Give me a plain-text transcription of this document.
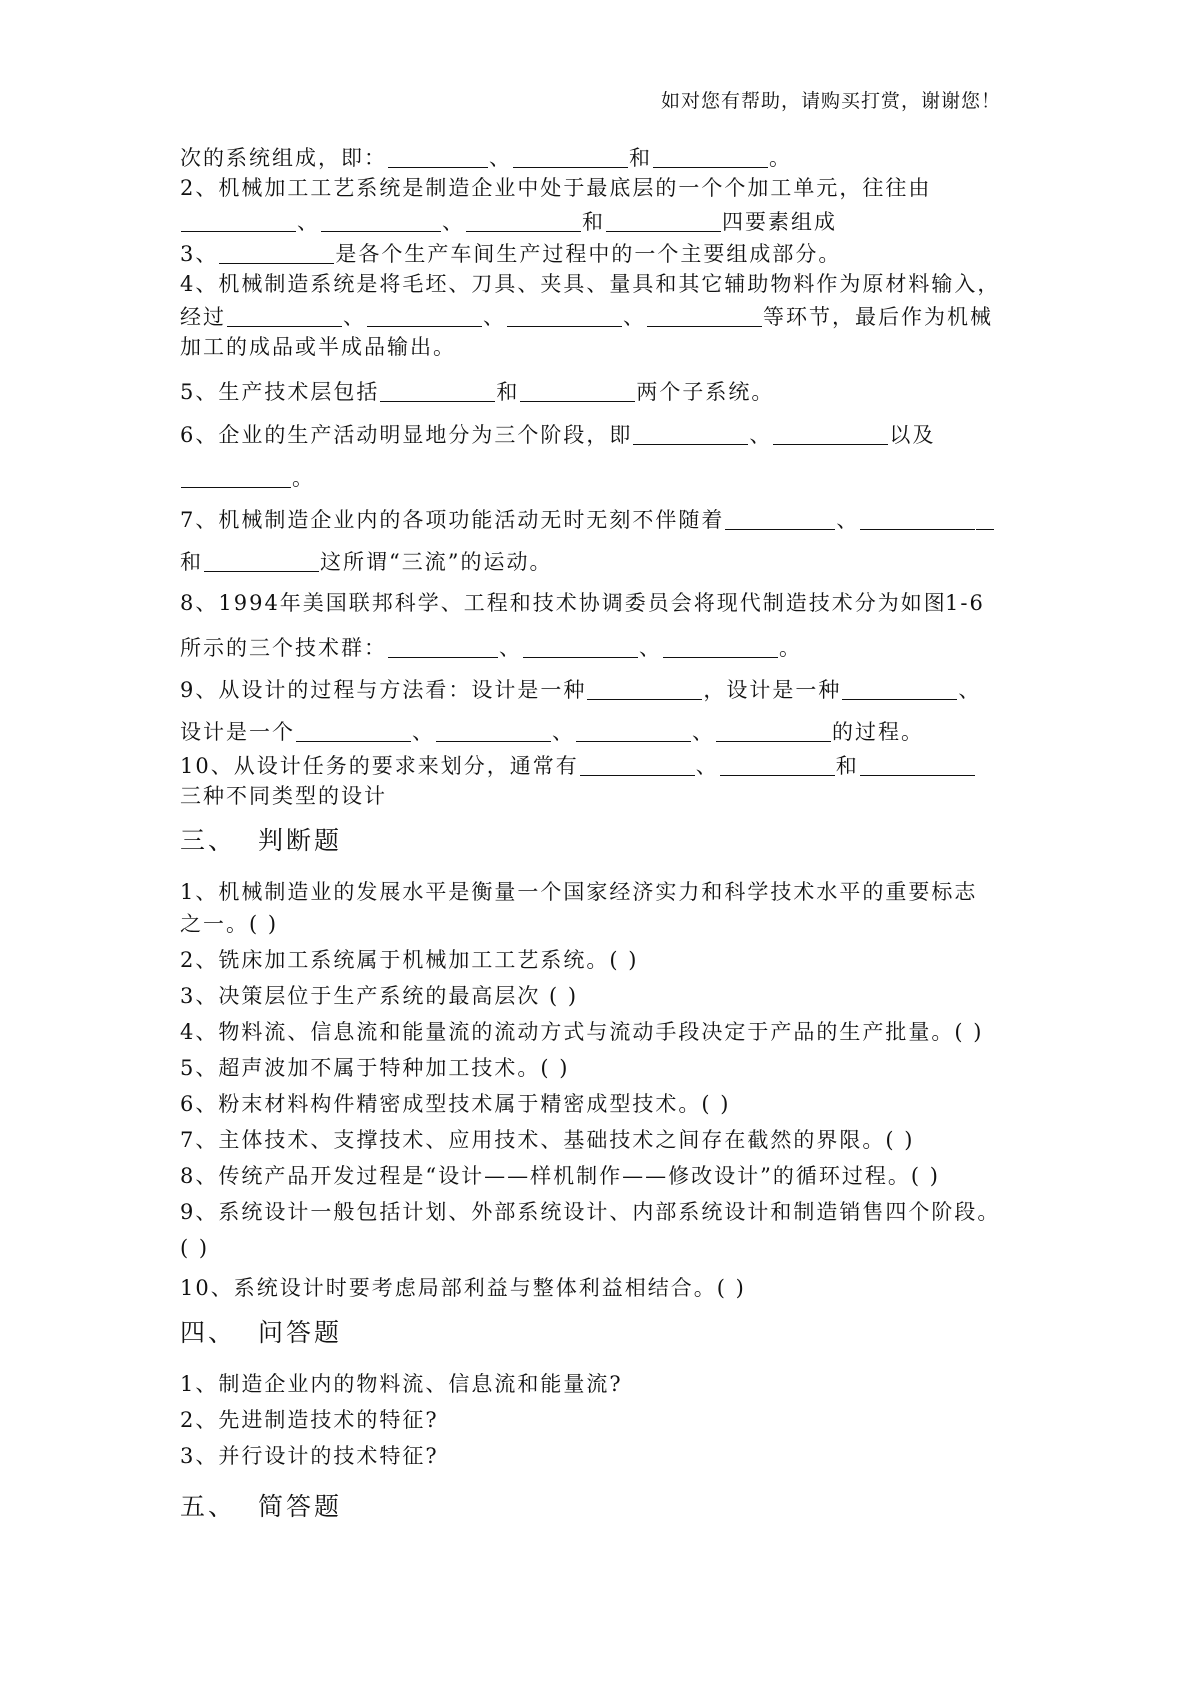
如对您有帮助，请购买打赏，谢谢您！
次的系统组成，即：	、	和	。
2、机械加工工艺系统是制造企业中处于最底层的一个个加工单元，往往由
、	、	和	四要素组成
3、	是各个生产车间生产过程中的一个主要组成部分。
4、机械制造系统是将毛坯、刀具、夹具、量具和其它辅助物料作为原材料输入，
经过	、	、	、	等环节，最后作为机械
加工的成品或半成品输出。
5、生产技术层包括	和	两个子系统。
6、企业的生产活动明显地分为三个阶段，即	、	以及
。
7、机械制造企业内的各项功能活动无时无刻不伴随着	、
和	这所谓“三流”的运动。
8、1994年美国联邦科学、工程和技术协调委员会将现代制造技术分为如图
1-6
所示的三个技术群：	、	、	。
9、从设计的过程与方法看：设计是一种	，设计是一种	、
设计是一个	、	、	、	的过程。
10、从设计任务的要求来划分，通常有	、	和
三种不同类型的设计
三、 判断题
1、机械制造业的发展水平是衡量一个国家经济实力和科学技术水平的重要标志
之一。( )
2、铣床加工系统属于机械加工工艺系统。( )
3、决策层位于生产系统的最高层次 ( )
4、物料流、信息流和能量流的流动方式与流动手段决定于产品的生产批量。( )
5、超声波加不属于特种加工技术。( )
6、粉末材料构件精密成型技术属于精密成型技术。( )
7、主体技术、支撑技术、应用技术、基础技术之间存在截然的界限。( )
8、传统产品开发过程是“设计——样机制作——修改设计”的循环过程。( )
9、系统设计一般包括计划、外部系统设计、内部系统设计和制造销售四个阶段。
( )
10、系统设计时要考虑局部利益与整体利益相结合。( )
四、 问答题
1、制造企业内的物料流、信息流和能量流?
2、先进制造技术的特征?
3、并行设计的技术特征?
五、 简答题
